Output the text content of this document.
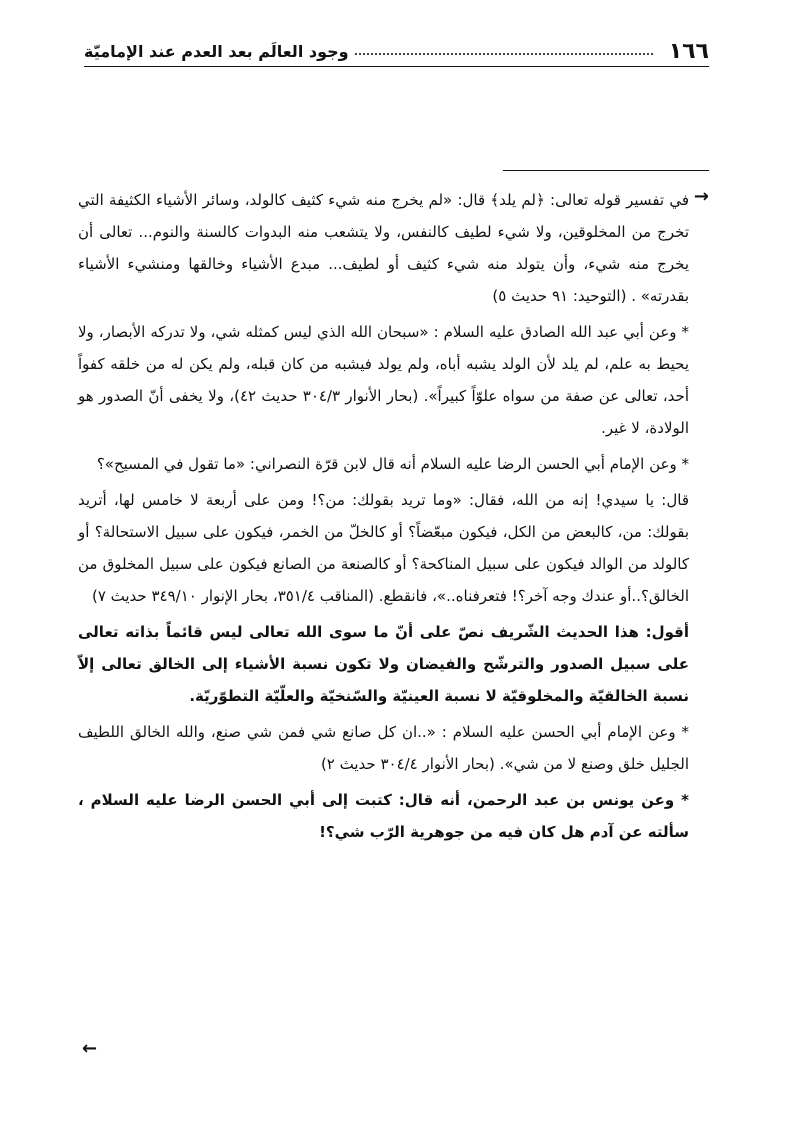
١٦٦
وجود العالَم بعد العدم عند الإماميّة
→

في تفسير قوله تعالى: ﴿لم يلد﴾ قال: «لم يخرج منه شيء كثيف كالولد، وسائر الأشياء الكثيفة التي تخرج من المخلوقين، ولا شيء لطيف كالنفس، ولا يتشعب منه البدوات كالسنة والنوم... تعالى أن يخرج منه شيء، وأن يتولد منه شيء كثيف أو لطيف... مبدع الأشياء وخالقها ومنشيء الأشياء بقدرته» . (التوحيد: ٩١ حديث ٥)

* وعن أبي عبد الله الصادق عليه السلام : «سبحان الله الذي ليس كمثله شي، ولا تدركه الأبصار، ولا يحيط به علم، لم يلد لأن الولد يشبه أباه، ولم يولد فيشبه من كان قبله، ولم يكن له من خلقه كفواً أحد، تعالى عن صفة من سواه علوّاً كبيراً». (بحار الأنوار ٣٠٤/٣ حديث ٤٢)، ولا يخفى أنّ الصدور هو الولادة، لا غير.

* وعن الإمام أبي الحسن الرضا عليه السلام أنه قال لابن قرّة النصراني: «ما تقول في المسيح»؟

قال: يا سيدي! إنه من الله، فقال: «وما تريد بقولك: من؟! ومن على أربعة لا خامس لها، أتريد بقولك: من، كالبعض من الكل، فيكون مبعّضاً؟ أو كالخلّ من الخمر، فيكون على سبيل الاستحالة؟ أو كالولد من الوالد فيكون على سبيل المناكحة؟ أو كالصنعة من الصانع فيكون على سبيل المخلوق من الخالق؟..أو عندك وجه آخر؟! فتعرفناه..»، فانقطع. (المناقب ٣٥١/٤، بحار الإنوار ٣٤٩/١٠ حديث ٧)

أقول: هذا الحديث الشّريف نصّ على أنّ ما سوى الله تعالى ليس قائماً بذاته تعالى على سبيل الصدور والترشّح والفيضان ولا تكون نسبة الأشياء إلى الخالق تعالى إلاّ نسبة الخالقيّة والمخلوقيّة لا نسبة العينيّة والسّنخيّة والعلّيّة التطوّريّة.

* وعن الإمام أبي الحسن عليه السلام : «..ان كل صانع شي فمن شي صنع، والله الخالق اللطيف الجليل خلق وصنع لا من شي». (بحار الأنوار ٣٠٤/٤ حديث ٢)

* وعن يونس بن عبد الرحمن، أنه قال: كتبت إلى أبي الحسن الرضا عليه السلام ، سألته عن آدم هل كان فيه من جوهرية الرّب شي؟!

←
